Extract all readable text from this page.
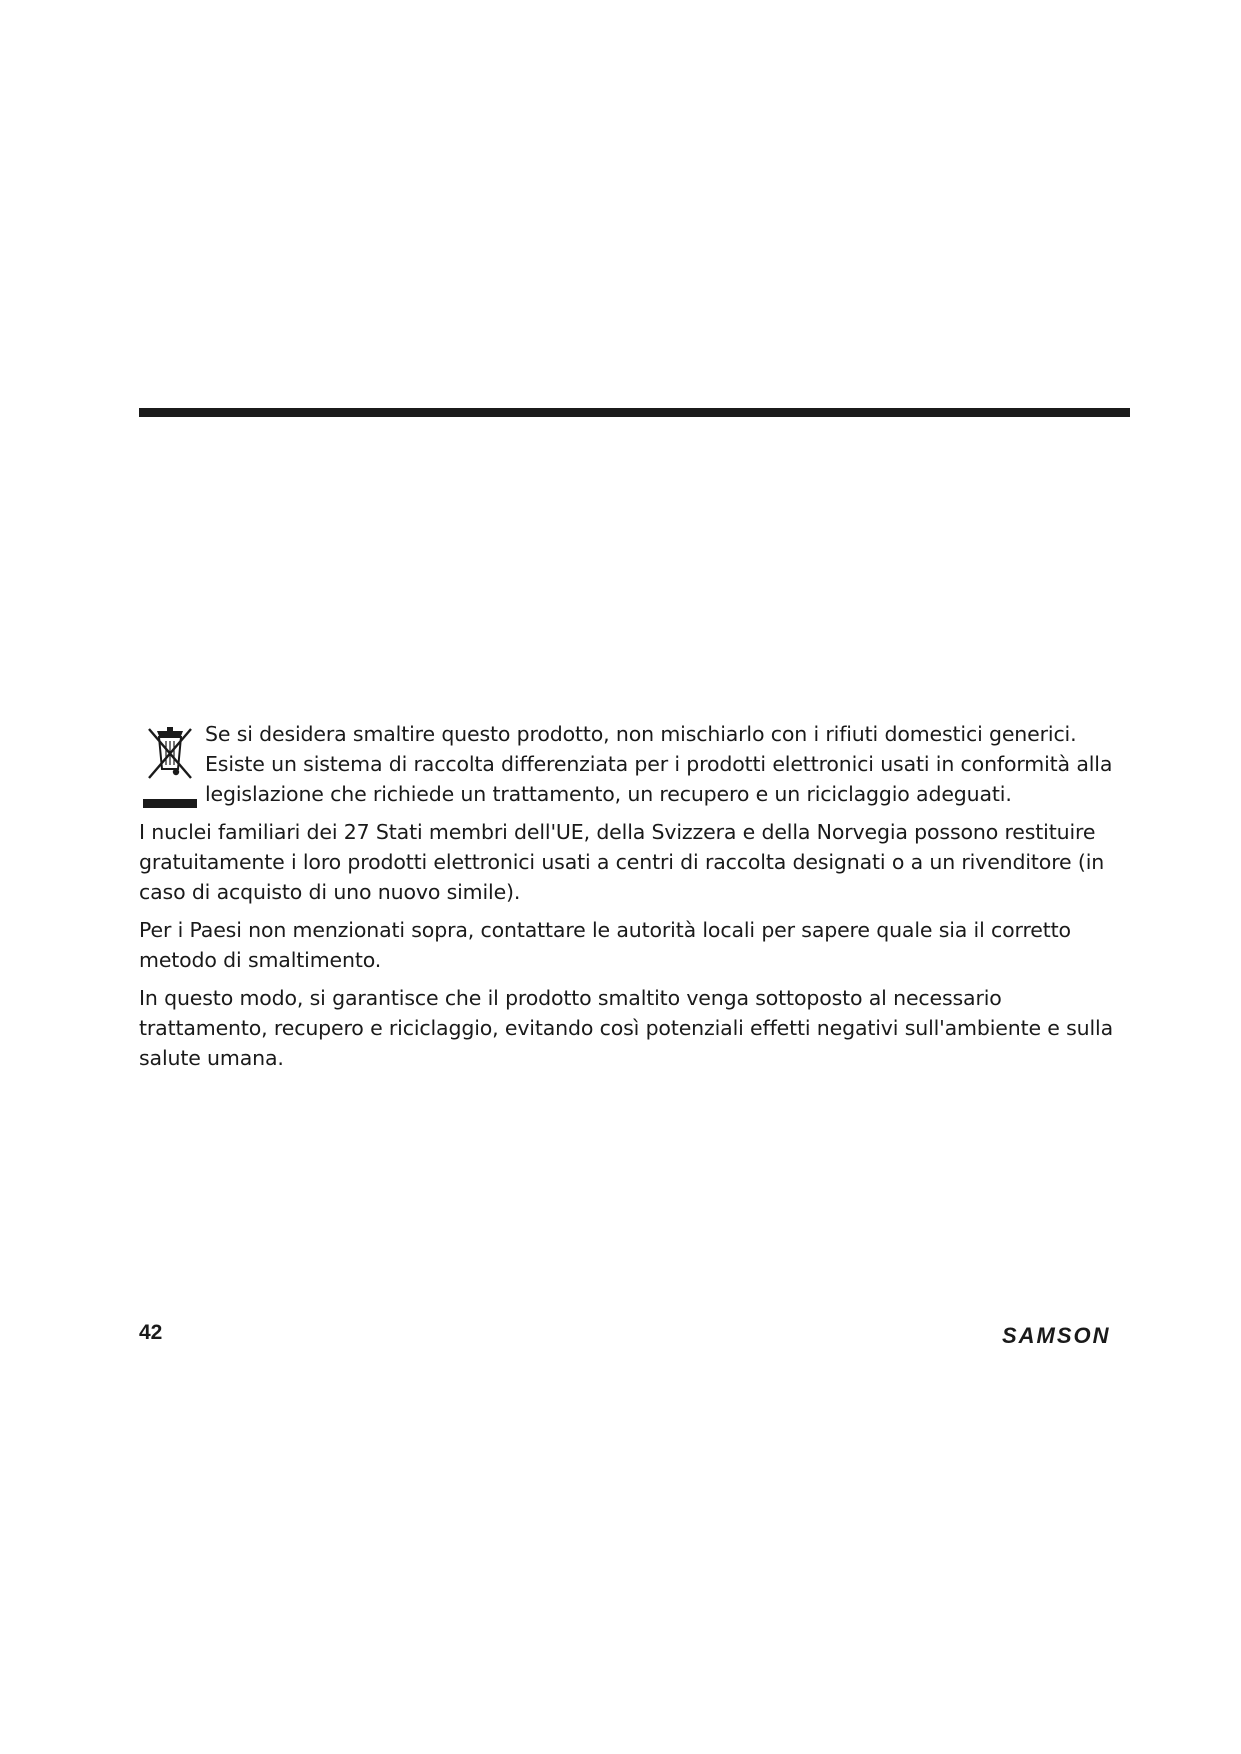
Se si desidera smaltire questo prodotto, non mischiarlo con i rifiuti domestici generici. Esiste un sistema di raccolta differenziata per i prodotti elettronici usati in conformità alla legislazione che richiede un trattamento, un recupero e un riciclaggio adeguati.

I nuclei familiari dei 27 Stati membri dell'UE, della Svizzera e della Norvegia possono restituire gratuitamente i loro prodotti elettronici usati a centri di raccolta designati o a un rivenditore (in caso di acquisto di uno nuovo simile).

Per i Paesi non menzionati sopra, contattare le autorità locali per sapere quale sia il corretto metodo di smaltimento.

In questo modo, si garantisce che il prodotto smaltito venga sottoposto al necessario trattamento, recupero e riciclaggio, evitando così potenziali effetti negativi sull'ambiente e sulla salute umana.

42	SAMSON
